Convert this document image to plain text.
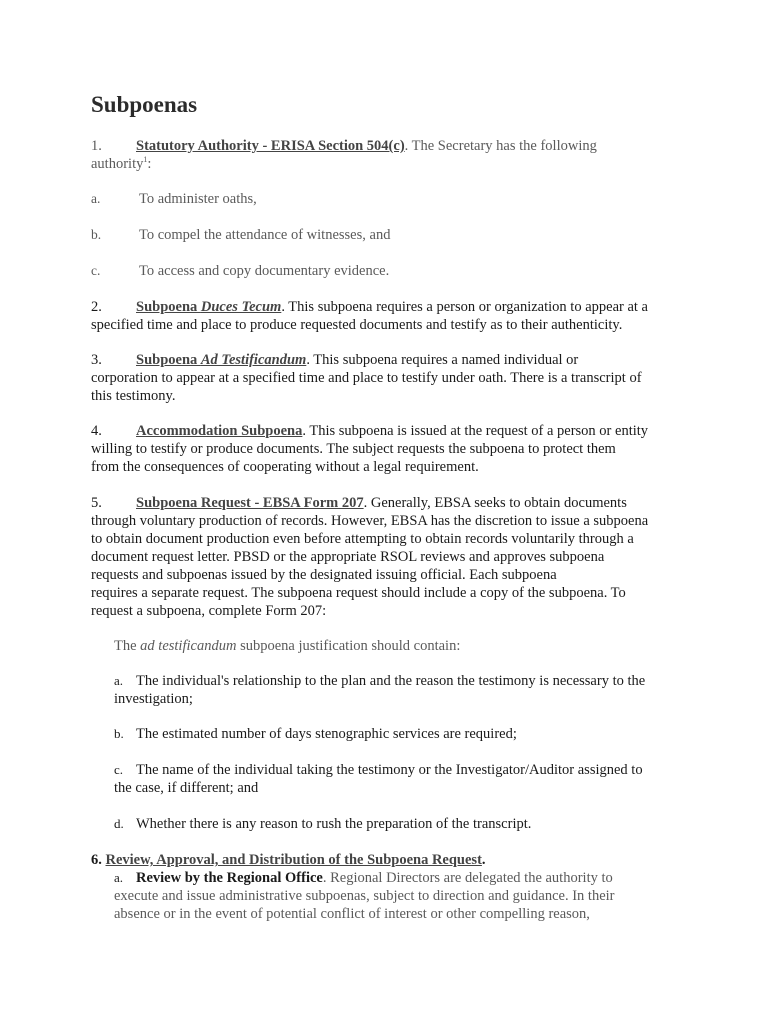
Subpoenas
1. Statutory Authority - ERISA Section 504(c). The Secretary has the following
authority$^1$:
a.	To administer oaths,
b.	To compel the attendance of witnesses, and
c.	To access and copy documentary evidence.
2. Subpoena Duces Tecum. This subpoena requires a person or organization to appear at a
specified time and place to produce requested documents and testify as to their authenticity.
3. Subpoena Ad Testificandum. This subpoena requires a named individual or
corporation to appear at a specified time and place to testify under oath. There is a transcript of
this testimony.
4. Accommodation Subpoena. This subpoena is issued at the request of a person or entity
willing to testify or produce documents. The subject requests the subpoena to protect them
from the consequences of cooperating without a legal requirement.
5. Subpoena Request - EBSA Form 207. Generally, EBSA seeks to obtain documents
through voluntary production of records. However, EBSA has the discretion to issue a subpoena
to obtain document production even before attempting to obtain records voluntarily through a
document request letter. PBSD or the appropriate RSOL reviews and approves subpoena
requests and subpoenas issued by the designated issuing official. Each subpoena
requires a separate request. The subpoena request should include a copy of the subpoena. To
request a subpoena, complete Form 207:
The ad testificandum subpoena justification should contain:
a. The individual's relationship to the plan and the reason the testimony is necessary to the
investigation;
b. The estimated number of days stenographic services are required;
c. The name of the individual taking the testimony or the Investigator/Auditor assigned to
the case, if different; and
d. Whether there is any reason to rush the preparation of the transcript.
6. Review, Approval, and Distribution of the Subpoena Request.
a. Review by the Regional Office. Regional Directors are delegated the authority to
execute and issue administrative subpoenas, subject to direction and guidance. In their
absence or in the event of potential conflict of interest or other compelling reason,
